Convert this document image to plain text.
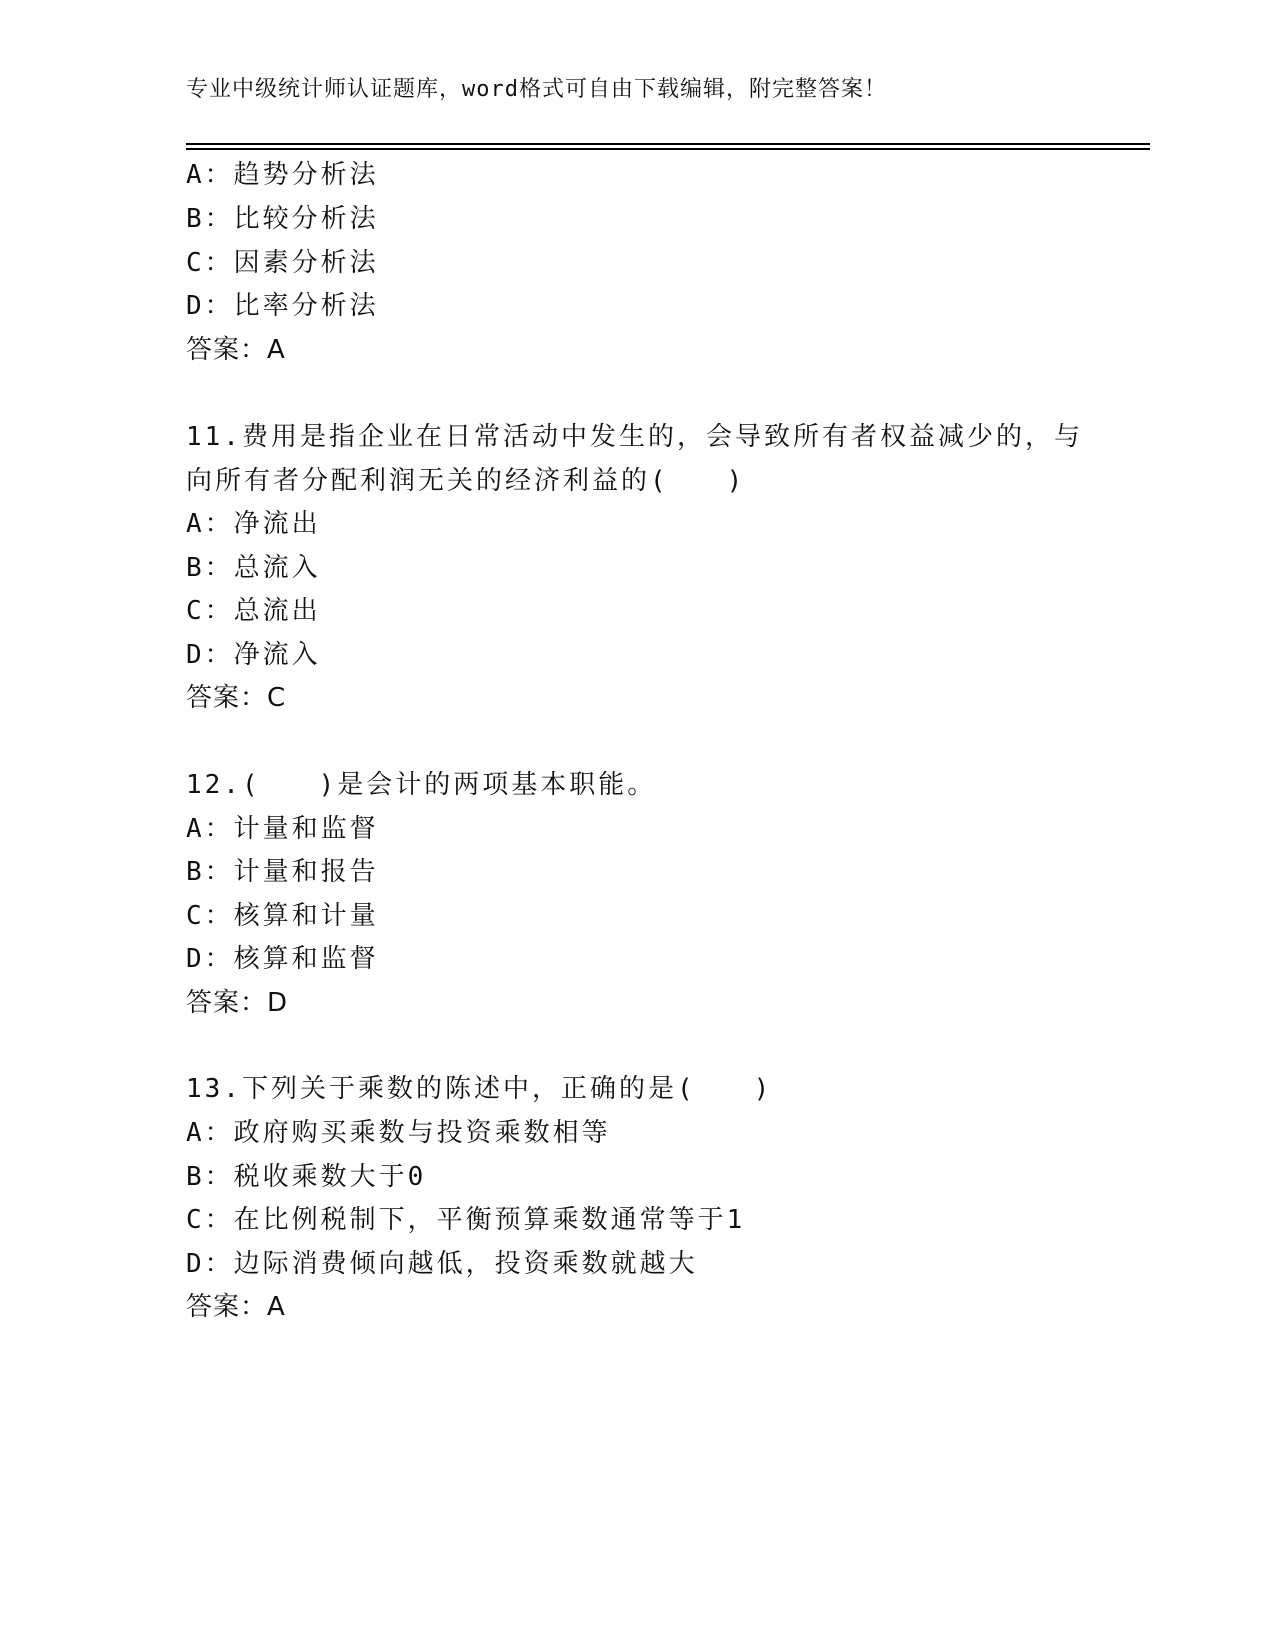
专业中级统计师认证题库，word格式可自由下载编辑，附完整答案！
A：趋势分析法
B：比较分析法
C：因素分析法
D：比率分析法
答案：A
11.费用是指企业在日常活动中发生的，会导致所有者权益减少的，与
向所有者分配利润无关的经济利益的(　　)
A：净流出
B：总流入
C：总流出
D：净流入
答案：C
12.(　　)是会计的两项基本职能。
A：计量和监督
B：计量和报告
C：核算和计量
D：核算和监督
答案：D
13.下列关于乘数的陈述中，正确的是(　　)
A：政府购买乘数与投资乘数相等
B：税收乘数大于0
C：在比例税制下，平衡预算乘数通常等于1
D：边际消费倾向越低，投资乘数就越大
答案：A
